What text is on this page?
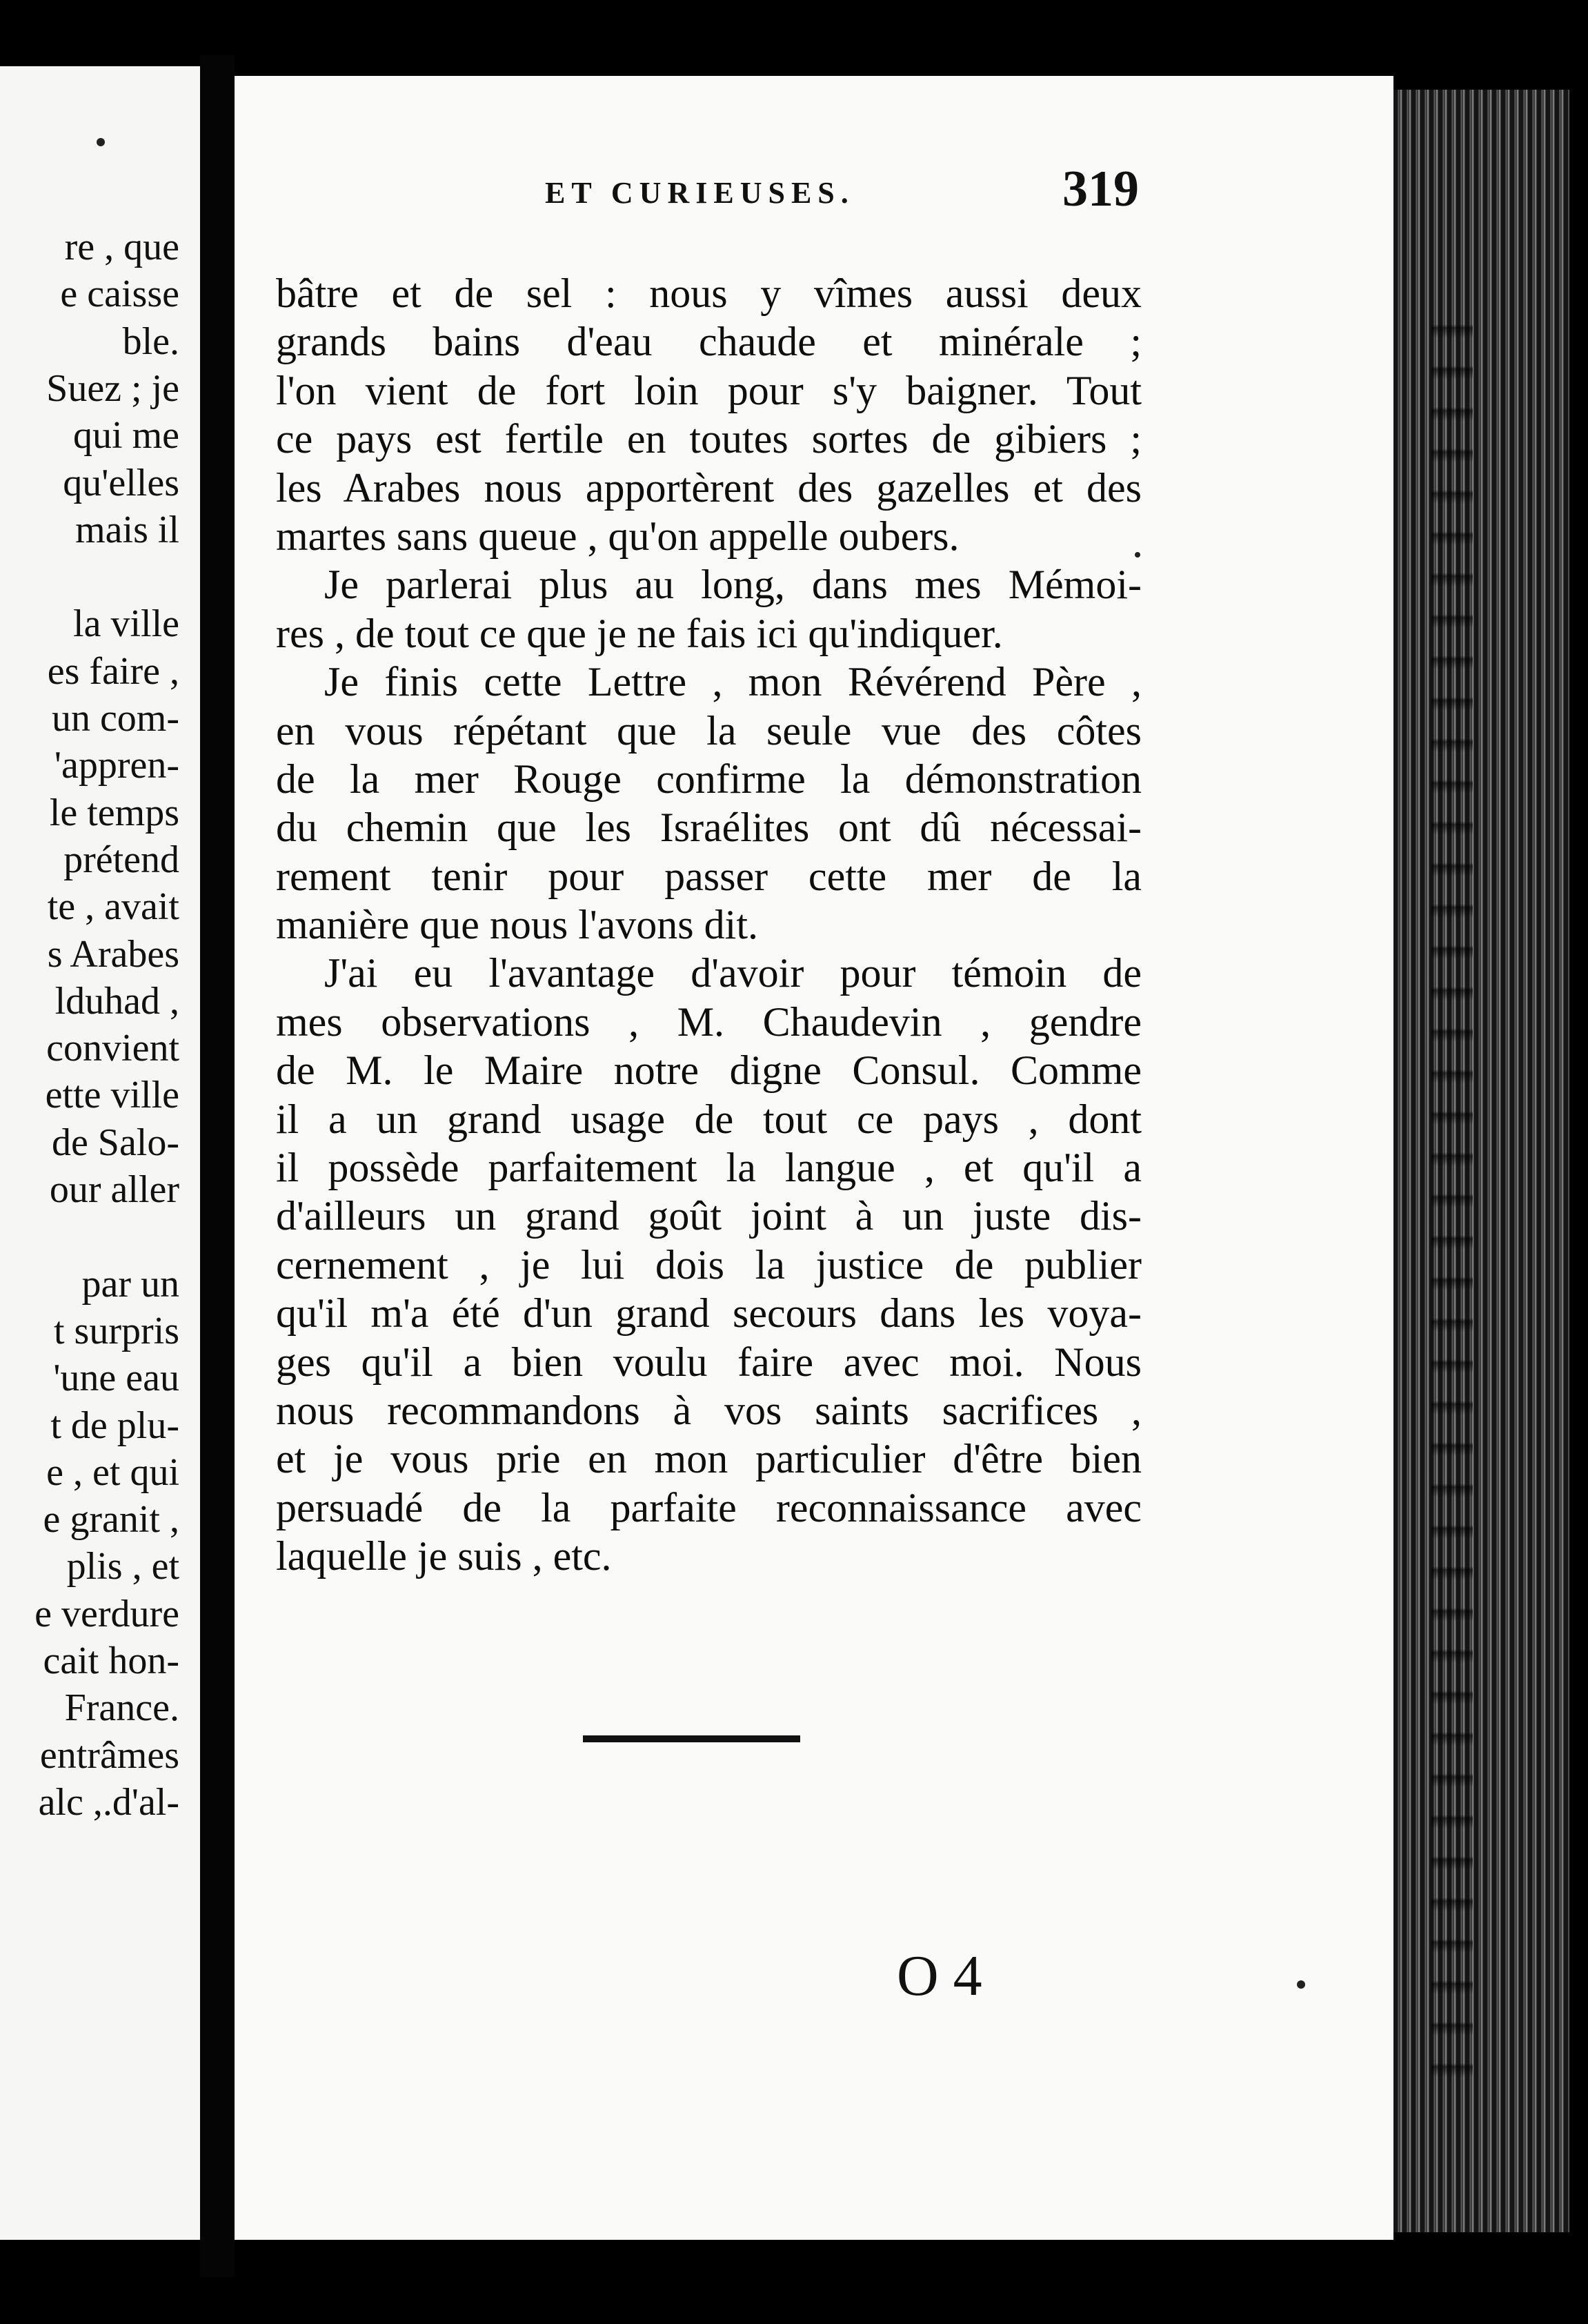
re , que
e caisse
ble.
Suez ; je
qui me
qu'elles
mais il
la ville
es faire ,
un com-
'appren-
le temps
prétend
te , avait
s Arabes
lduhad ,
convient
ette ville
de Salo-
our aller
par un
t surpris
'une eau
t de plu-
e , et qui
e granit ,
plis , et
e verdure
cait hon-
France.
entrâmes
alc ,.d'al-
ET CURIEUSES.	319
bâtre et de sel : nous y vîmes aussi deux
grands bains d'eau chaude et minérale ;
l'on vient de fort loin pour s'y baigner. Tout
ce pays est fertile en toutes sortes de gibiers ;
les Arabes nous apportèrent des gazelles et des
martes sans queue , qu'on appelle oubers.
Je parlerai plus au long, dans mes Mémoi-
res , de tout ce que je ne fais ici qu'indiquer.
Je finis cette Lettre , mon Révérend Père ,
en vous répétant que la seule vue des côtes
de la mer Rouge confirme la démonstration
du chemin que les Israélites ont dû nécessai-
rement tenir pour passer cette mer de la
manière que nous l'avons dit.
J'ai eu l'avantage d'avoir pour témoin de
mes observations , M. Chaudevin , gendre
de M. le Maire notre digne Consul. Comme
il a un grand usage de tout ce pays , dont
il possède parfaitement la langue , et qu'il a
d'ailleurs un grand goût joint à un juste dis-
cernement , je lui dois la justice de publier
qu'il m'a été d'un grand secours dans les voya-
ges qu'il a bien voulu faire avec moi. Nous
nous recommandons à vos saints sacrifices ,
et je vous prie en mon particulier d'être bien
persuadé de la parfaite reconnaissance avec
laquelle je suis , etc.
O 4
